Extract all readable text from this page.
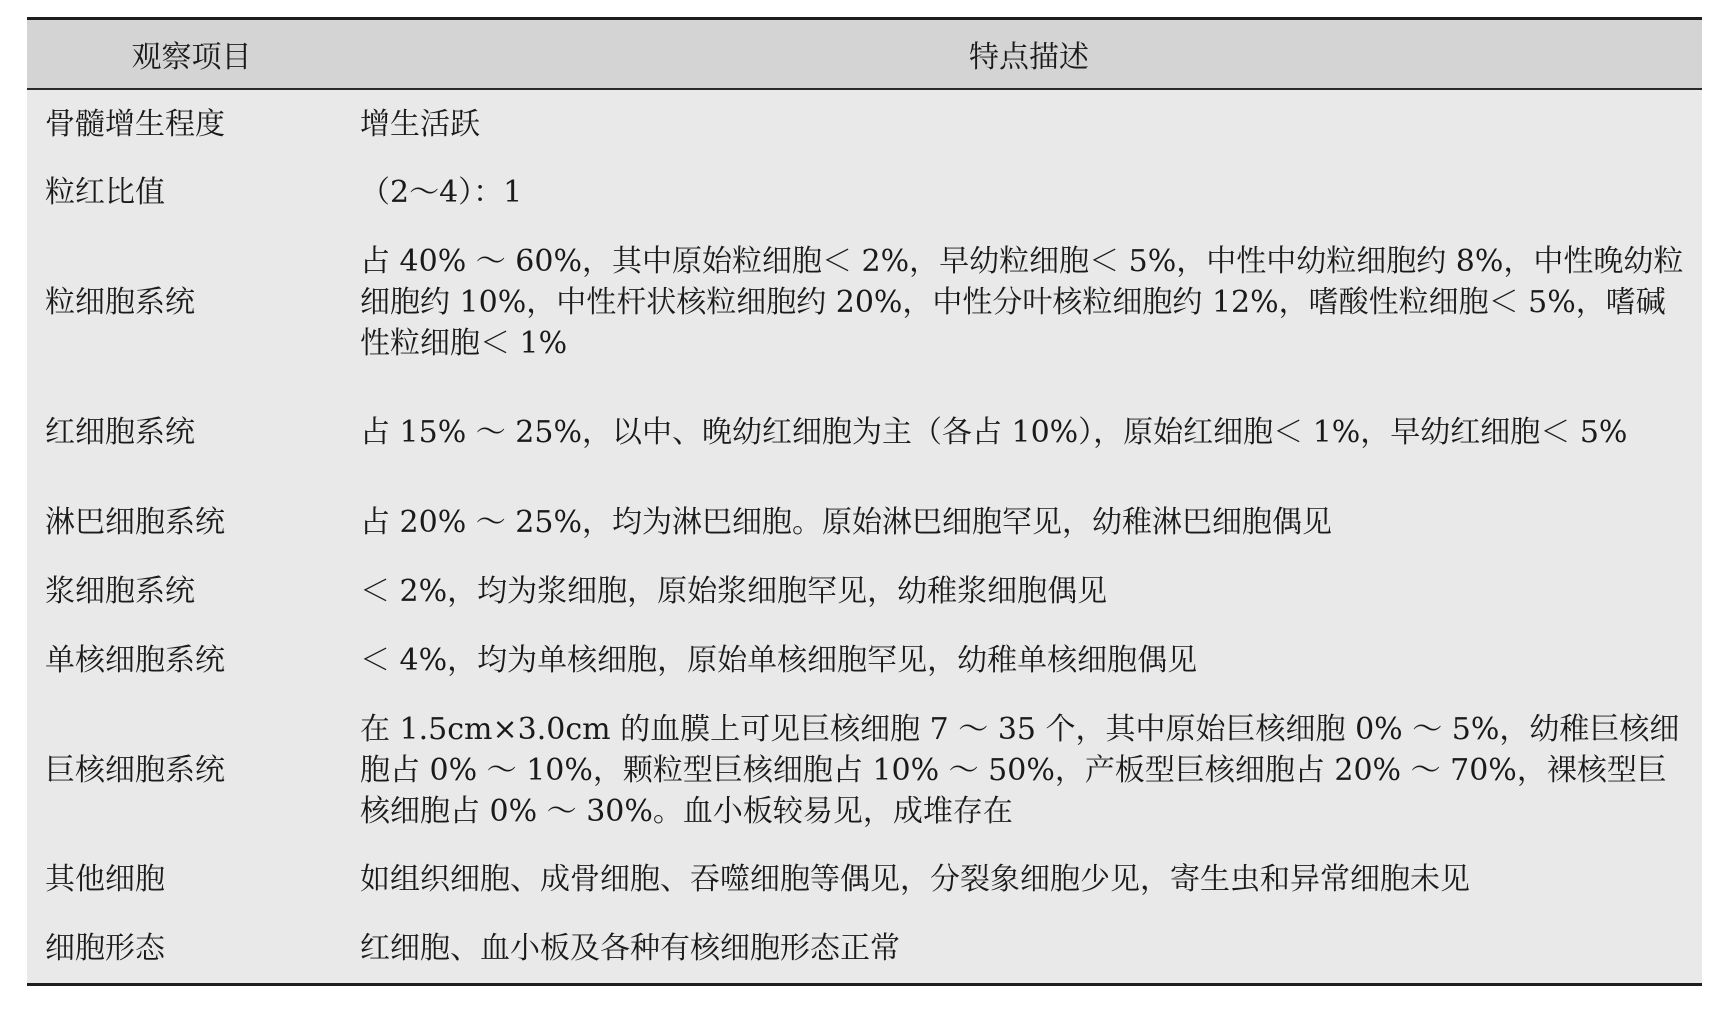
观察项目	特点描述
骨髓增生程度	增生活跃
粒红比值	（2～4）：1
粒细胞系统	占 40% ～ 60%，其中原始粒细胞＜ 2%，早幼粒细胞＜ 5%，中性中幼粒细胞约 8%，中性晚幼粒细胞约 10%，中性杆状核粒细胞约 20%，中性分叶核粒细胞约 12%，嗜酸性粒细胞＜ 5%，嗜碱性粒细胞＜ 1%
红细胞系统	占 15% ～ 25%，以中、晚幼红细胞为主（各占 10%），原始红细胞＜ 1%，早幼红细胞＜ 5%
淋巴细胞系统	占 20% ～ 25%，均为淋巴细胞。原始淋巴细胞罕见，幼稚淋巴细胞偶见
浆细胞系统	＜ 2%，均为浆细胞，原始浆细胞罕见，幼稚浆细胞偶见
单核细胞系统	＜ 4%，均为单核细胞，原始单核细胞罕见，幼稚单核细胞偶见
巨核细胞系统	在 1.5cm×3.0cm 的血膜上可见巨核细胞 7 ～ 35 个，其中原始巨核细胞 0% ～ 5%，幼稚巨核细胞占 0% ～ 10%，颗粒型巨核细胞占 10% ～ 50%，产板型巨核细胞占 20% ～ 70%，裸核型巨核细胞占 0% ～ 30%。血小板较易见，成堆存在
其他细胞	如组织细胞、成骨细胞、吞噬细胞等偶见，分裂象细胞少见，寄生虫和异常细胞未见
细胞形态	红细胞、血小板及各种有核细胞形态正常
